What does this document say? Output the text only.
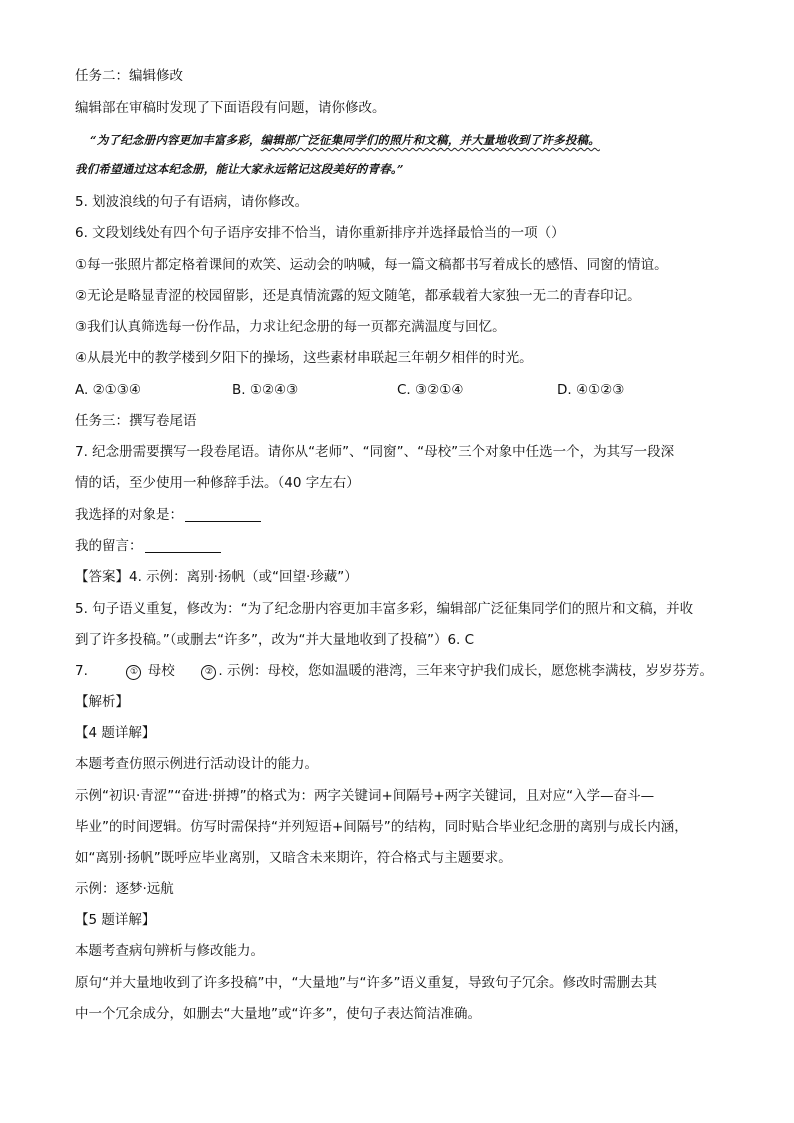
任务二：编辑修改
编辑部在审稿时发现了下面语段有问题，请你修改。
“为了纪念册内容更加丰富多彩，编辑部广泛征集同学们的照片和文稿，并大量地收到了许多投稿。
我们希望通过这本纪念册，能让大家永远铭记这段美好的青春。”
5. 划波浪线的句子有语病，请你修改。
6. 文段划线处有四个句子语序安排不恰当，请你重新排序并选择最恰当的一项（）
①每一张照片都定格着课间的欢笑、运动会的呐喊，每一篇文稿都书写着成长的感悟、同窗的情谊。
②无论是略显青涩的校园留影，还是真情流露的短文随笔，都承载着大家独一无二的青春印记。
③我们认真筛选每一份作品，力求让纪念册的每一页都充满温度与回忆。
④从晨光中的教学楼到夕阳下的操场，这些素材串联起三年朝夕相伴的时光。
A. ②①③④	B. ①②④③	C. ③②①④	D. ④①②③
任务三：撰写卷尾语
7. 纪念册需要撰写一段卷尾语。请你从“老师”、“同窗”、“母校”三个对象中任选一个，为其写一段深
情的话，至少使用一种修辞手法。（40 字左右）
我选择的对象是：
我的留言：
【答案】4. 示例：离别·扬帆（或“回望·珍藏”）
5. 句子语义重复，修改为：“为了纪念册内容更加丰富多彩，编辑部广泛征集同学们的照片和文稿，并收
到了许多投稿。”（或删去“许多”，改为“并大量地收到了投稿”）6. C
7.	① 母校	② . 示例：母校，您如温暖的港湾，三年来守护我们成长，愿您桃李满枝，岁岁芬芳。
【解析】
【4 题详解】
本题考查仿照示例进行活动设计的能力。
示例“初识·青涩”“奋进·拼搏”的格式为：两字关键词+间隔号+两字关键词，且对应“入学—奋斗—
毕业”的时间逻辑。仿写时需保持“并列短语+间隔号”的结构，同时贴合毕业纪念册的离别与成长内涵，
如“离别·扬帆”既呼应毕业离别，又暗含未来期许，符合格式与主题要求。
示例：逐梦·远航
【5 题详解】
本题考查病句辨析与修改能力。
原句“并大量地收到了许多投稿”中，“大量地”与“许多”语义重复，导致句子冗余。修改时需删去其
中一个冗余成分，如删去“大量地”或“许多”，使句子表达简洁准确。
